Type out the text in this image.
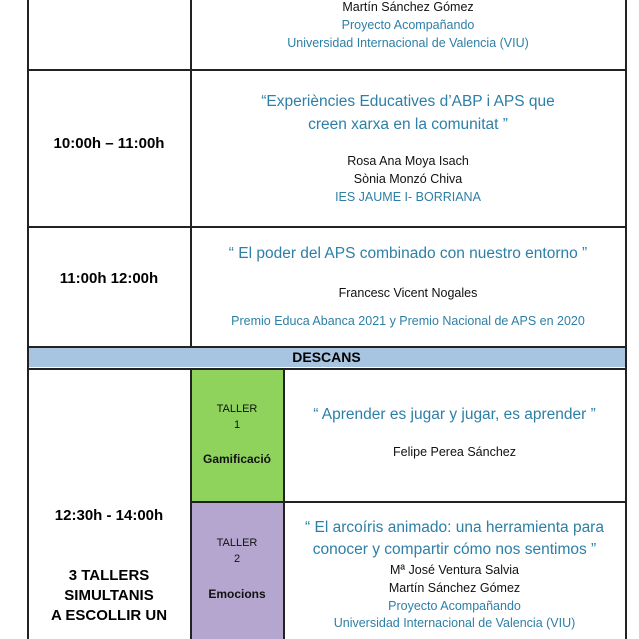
Martín Sánchez Gómez
Proyecto Acompañando
Universidad Internacional de Valencia (VIU)
10:00h – 11:00h
“Experiències Educatives d’ABP i APS que
creen xarxa en la comunitat ”
Rosa Ana Moya Isach
Sònia Monzó Chiva
IES JAUME I- BORRIANA
11:00h 12:00h
“ El poder del APS combinado con nuestro entorno ”
Francesc Vicent Nogales
Premio Educa Abanca 2021 y Premio Nacional de APS en 2020
DESCANS
12:30h - 14:00h
3 TALLERS
SIMULTANIS
A ESCOLLIR UN
TALLER
1
Gamificació
“ Aprender es jugar y jugar, es aprender ”
Felipe Perea Sánchez
TALLER
2
Emocions
“ El arcoíris animado: una herramienta para
conocer y compartir cómo nos sentimos ”
Mª José Ventura Salvia
Martín Sánchez Gómez
Proyecto Acompañando
Universidad Internacional de Valencia (VIU)
